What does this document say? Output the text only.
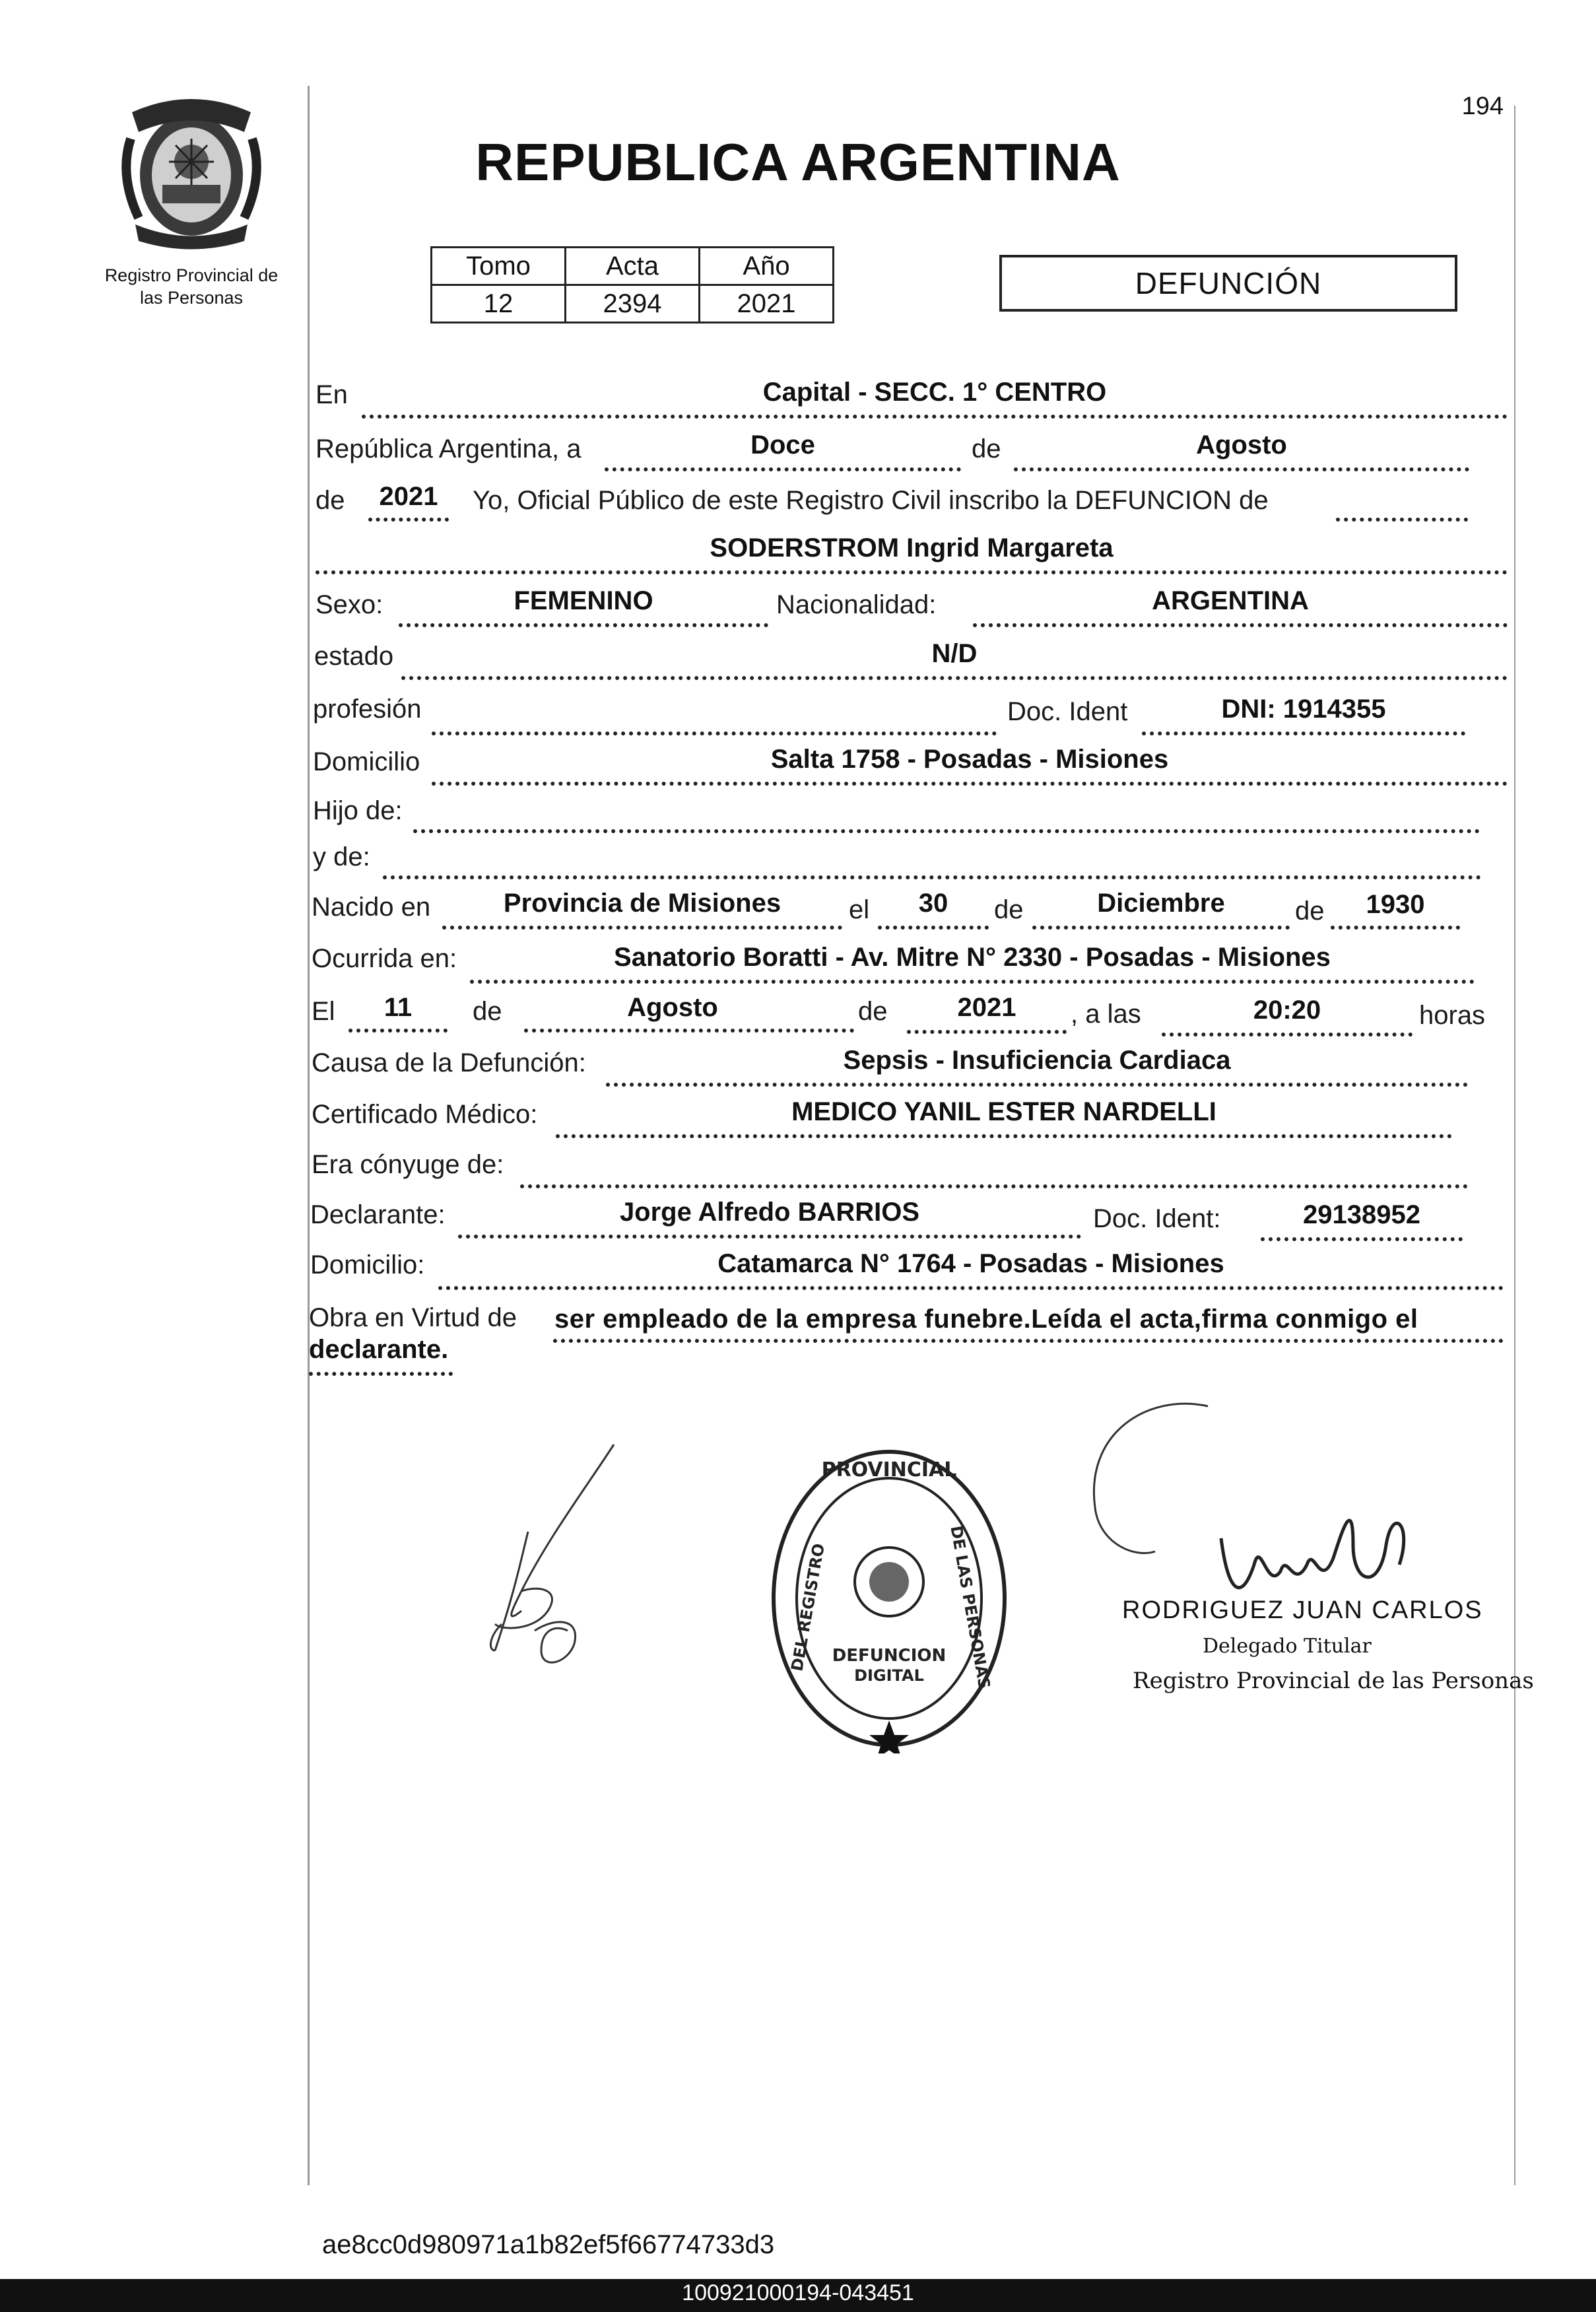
Registro Provincial de
las Personas
194
REPUBLICA ARGENTINA
Tomo	Acta	Año
12	2394	2021
DEFUNCIÓN
En	Capital - SECC. 1° CENTRO
República Argentina, a	Doce	de	Agosto
de	2021	Yo, Oficial Público de este Registro Civil inscribo la DEFUNCION de
SODERSTROM Ingrid Margareta
Sexo:	FEMENINO	Nacionalidad:	ARGENTINA
estado	N/D
profesión	Doc. Ident	DNI: 1914355
Domicilio	Salta 1758 - Posadas - Misiones
Hijo de:
y de:
Nacido en	Provincia de Misiones	el	30	de	Diciembre	de	1930
Ocurrida en:	Sanatorio Boratti - Av. Mitre N° 2330 - Posadas - Misiones
El	11	de	Agosto	de	2021	, a las	20:20	horas
Causa de la Defunción:	Sepsis - Insuficiencia Cardiaca
Certificado Médico:	MEDICO YANIL ESTER NARDELLI
Era cónyuge de:
Declarante:	Jorge Alfredo BARRIOS	Doc. Ident:	29138952
Domicilio:	Catamarca N° 1764 - Posadas - Misiones
Obra en Virtud de ser empleado de la empresa funebre.Leída el acta,firma conmigo el
declarante.
PROVINCIAL
DEL REGISTRO	DE LAS PERSONAS
DEFUNCION
DIGITAL
RODRIGUEZ JUAN CARLOS
Delegado Titular
Registro Provincial de las Personas
ae8cc0d980971a1b82ef5f66774733d3
100921000194-043451
